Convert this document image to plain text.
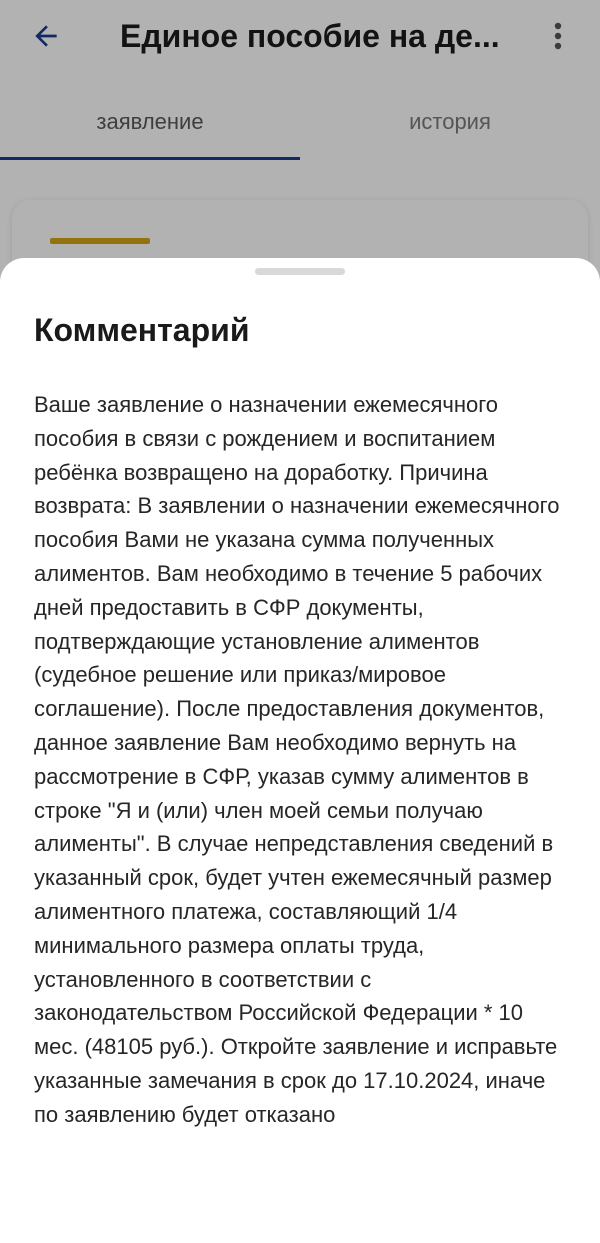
Единое пособие на де...
заявление	история
Комментарий
Ваше заявление о назначении ежемесячного пособия в связи с рождением и воспитанием ребёнка возвращено на доработку. Причина возврата: В заявлении о назначении ежемесячного пособия Вами не указана сумма полученных алиментов. Вам необходимо в течение 5 рабочих дней предоставить в СФР документы, подтверждающие установление алиментов (судебное решение или приказ/мировое соглашение). После предоставления документов, данное заявление Вам необходимо вернуть на рассмотрение в СФР, указав сумму алиментов в строке "Я и (или) член моей семьи получаю алименты". В случае непредставления сведений в указанный срок, будет учтен ежемесячный размер алиментного платежа, составляющий 1/4 минимального размера оплаты труда, установленного в соответствии с законодательством Российской Федерации * 10 мес. (48105 руб.). Откройте заявление и исправьте указанные замечания в срок до 17.10.2024, иначе по заявлению будет отказано
